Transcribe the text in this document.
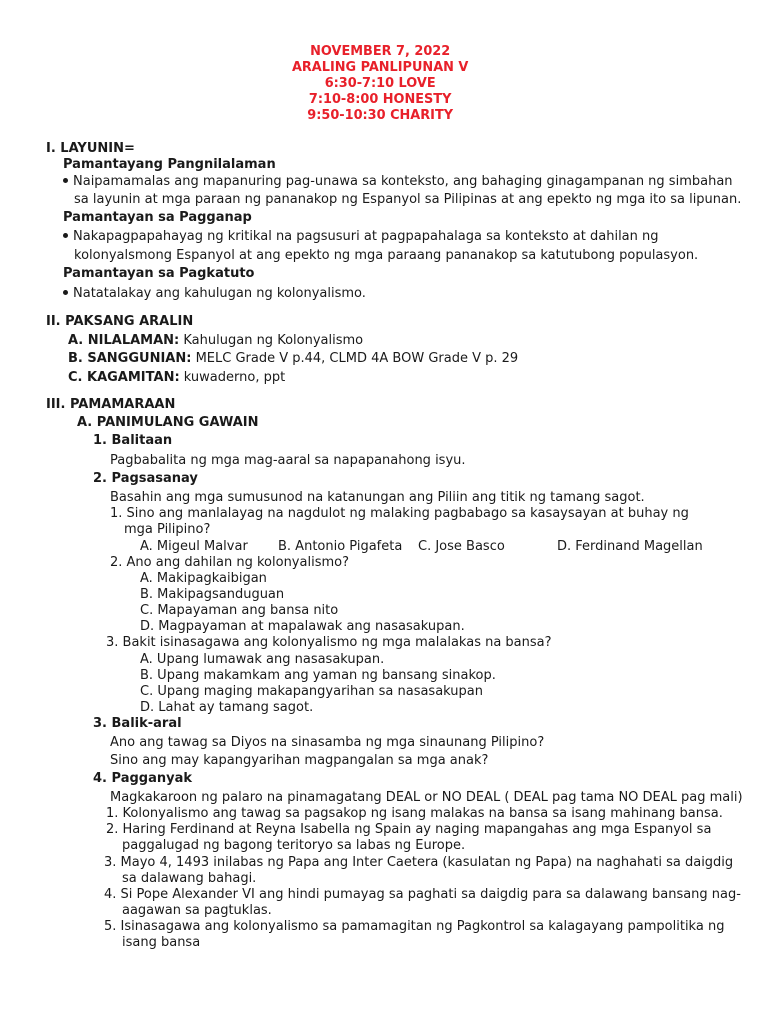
NOVEMBER 7, 2022
ARALING PANLIPUNAN V
6:30-7:10 LOVE
7:10-8:00 HONESTY
9:50-10:30 CHARITY
I. LAYUNIN=
Pamantayang Pangnilalaman
Naipamamalas ang mapanuring pag-unawa sa konteksto, ang bahaging ginagampanan ng simbahan
sa layunin at mga paraan ng pananakop ng Espanyol sa Pilipinas at ang epekto ng mga ito sa lipunan.
Pamantayan sa Pagganap
Nakapagpapahayag ng kritikal na pagsusuri at pagpapahalaga sa konteksto at dahilan ng
kolonyalsmong Espanyol at ang epekto ng mga paraang pananakop sa katutubong populasyon.
Pamantayan sa Pagkatuto
Natatalakay ang kahulugan ng kolonyalismo.
II. PAKSANG ARALIN
A. NILALAMAN: Kahulugan ng Kolonyalismo
B. SANGGUNIAN: MELC Grade V p.44, CLMD 4A BOW Grade V p. 29
C. KAGAMITAN: kuwaderno, ppt
III. PAMAMARAAN
A. PANIMULANG GAWAIN
1. Balitaan
Pagbabalita ng mga mag-aaral sa napapanahong isyu.
2. Pagsasanay
Basahin ang mga sumusunod na katanungan ang Piliin ang titik ng tamang sagot.
1. Sino ang manlalayag na nagdulot ng malaking pagbabago sa kasaysayan at buhay ng
mga Pilipino?
A. Migeul Malvar B. Antonio Pigafeta C. Jose Basco	D. Ferdinand Magellan
2. Ano ang dahilan ng kolonyalismo?
A. Makipagkaibigan
B. Makipagsanduguan
C. Mapayaman ang bansa nito
D. Magpayaman at mapalawak ang nasasakupan.
3. Bakit isinasagawa ang kolonyalismo ng mga malalakas na bansa?
A. Upang lumawak ang nasasakupan.
B. Upang makamkam ang yaman ng bansang sinakop.
C. Upang maging makapangyarihan sa nasasakupan
D. Lahat ay tamang sagot.
3. Balik-aral
Ano ang tawag sa Diyos na sinasamba ng mga sinaunang Pilipino?
Sino ang may kapangyarihan magpangalan sa mga anak?
4. Pagganyak
Magkakaroon ng palaro na pinamagatang DEAL or NO DEAL ( DEAL pag tama NO DEAL pag mali)
1. Kolonyalismo ang tawag sa pagsakop ng isang malakas na bansa sa isang mahinang bansa.
2. Haring Ferdinand at Reyna Isabella ng Spain ay naging mapangahas ang mga Espanyol sa
paggalugad ng bagong teritoryo sa labas ng Europe.
3. Mayo 4, 1493 inilabas ng Papa ang Inter Caetera (kasulatan ng Papa) na naghahati sa daigdig
sa dalawang bahagi.
4. Si Pope Alexander VI ang hindi pumayag sa paghati sa daigdig para sa dalawang bansang nag-
aagawan sa pagtuklas.
5. Isinasagawa ang kolonyalismo sa pamamagitan ng Pagkontrol sa kalagayang pampolitika ng
isang bansa
